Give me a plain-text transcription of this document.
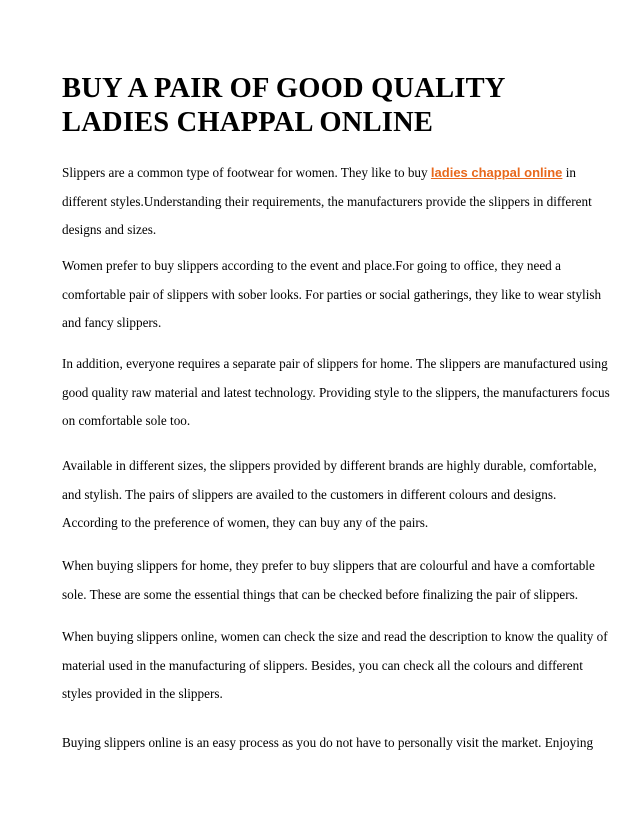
BUY A PAIR OF GOOD QUALITY
LADIES CHAPPAL ONLINE
Slippers are a common type of footwear for women. They like to buy ladies chappal online in
different styles.Understanding their requirements, the manufacturers provide the slippers in different
designs and sizes.
Women prefer to buy slippers according to the event and place.For going to office, they need a
comfortable pair of slippers with sober looks. For parties or social gatherings, they like to wear stylish
and fancy slippers.
In addition, everyone requires a separate pair of slippers for home. The slippers are manufactured using
good quality raw material and latest technology. Providing style to the slippers, the manufacturers focus
on comfortable sole too.
Available in different sizes, the slippers provided by different brands are highly durable, comfortable,
and stylish. The pairs of slippers are availed to the customers in different colours and designs.
According to the preference of women, they can buy any of the pairs.
When buying slippers for home, they prefer to buy slippers that are colourful and have a comfortable
sole. These are some the essential things that can be checked before finalizing the pair of slippers.
When buying slippers online, women can check the size and read the description to know the quality of
material used in the manufacturing of slippers. Besides, you can check all the colours and different
styles provided in the slippers.
Buying slippers online is an easy process as you do not have to personally visit the market. Enjoying
